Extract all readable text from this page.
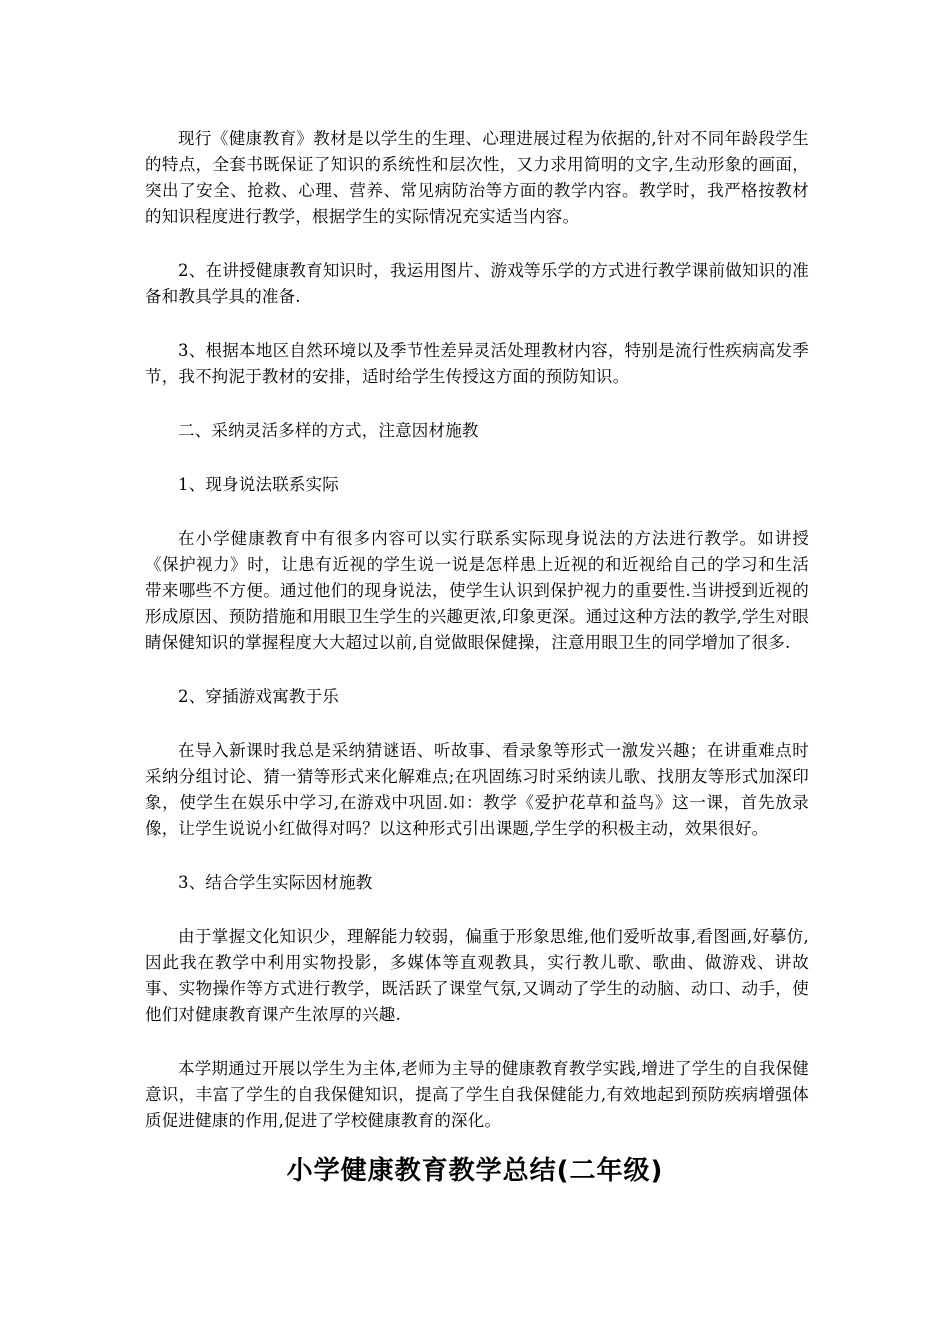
现行《健康教育》教材是以学生的生理、心理进展过程为依据的,针对不同年龄段学生的特点，全套书既保证了知识的系统性和层次性，又力求用简明的文字,生动形象的画面，突出了安全、抢救、心理、营养、常见病防治等方面的教学内容。教学时，我严格按教材的知识程度进行教学，根据学生的实际情况充实适当内容。

2、在讲授健康教育知识时，我运用图片、游戏等乐学的方式进行教学课前做知识的准备和教具学具的准备.

3、根据本地区自然环境以及季节性差异灵活处理教材内容，特别是流行性疾病高发季节，我不拘泥于教材的安排，适时给学生传授这方面的预防知识。

二、采纳灵活多样的方式，注意因材施教

1、现身说法联系实际

在小学健康教育中有很多内容可以实行联系实际现身说法的方法进行教学。如讲授《保护视力》时，让患有近视的学生说一说是怎样患上近视的和近视给自己的学习和生活带来哪些不方便。通过他们的现身说法，使学生认识到保护视力的重要性.当讲授到近视的形成原因、预防措施和用眼卫生学生的兴趣更浓,印象更深。通过这种方法的教学,学生对眼睛保健知识的掌握程度大大超过以前,自觉做眼保健操，注意用眼卫生的同学增加了很多.

2、穿插游戏寓教于乐

在导入新课时我总是采纳猜谜语、听故事、看录象等形式一激发兴趣；在讲重难点时采纳分组讨论、猜一猜等形式来化解难点;在巩固练习时采纳读儿歌、找朋友等形式加深印象，使学生在娱乐中学习,在游戏中巩固.如：教学《爱护花草和益鸟》这一课，首先放录像，让学生说说小红做得对吗？以这种形式引出课题,学生学的积极主动，效果很好。

3、结合学生实际因材施教

由于掌握文化知识少，理解能力较弱，偏重于形象思维,他们爱听故事,看图画,好摹仿,因此我在教学中利用实物投影，多媒体等直观教具，实行教儿歌、歌曲、做游戏、讲故事、实物操作等方式进行教学，既活跃了课堂气氛,又调动了学生的动脑、动口、动手，使他们对健康教育课产生浓厚的兴趣.

本学期通过开展以学生为主体,老师为主导的健康教育教学实践,增进了学生的自我保健意识，丰富了学生的自我保健知识，提高了学生自我保健能力,有效地起到预防疾病增强体质促进健康的作用,促进了学校健康教育的深化。

小学健康教育教学总结(二年级)
